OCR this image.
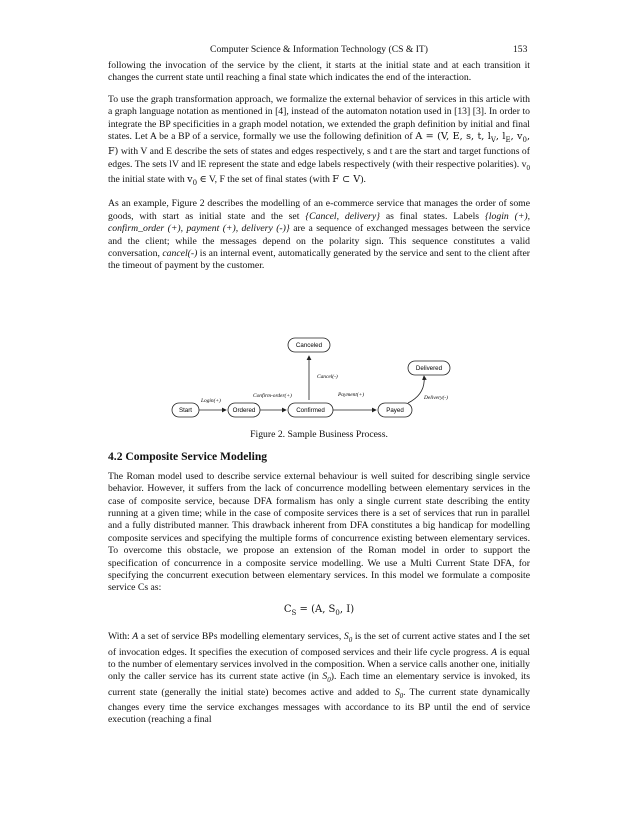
Computer Science & Information Technology (CS & IT)	153

following the invocation of the service by the client, it starts at the initial state and at each transition it changes the current state until reaching a final state which indicates the end of the interaction.

To use the graph transformation approach, we formalize the external behavior of services in this article with a graph language notation as mentioned in [4], instead of the automaton notation used in [13] [3]. In order to integrate the BP specificities in a graph model notation, we extended the graph definition by initial and final states. Let A be a BP of a service, formally we use the following definition of A = (V, E, s, t, $l_V$, $l_E$, $v_0$, F) with V and E describe the sets of states and edges respectively, s and t are the start and target functions of edges. The sets lV and lE represent the state and edge labels respectively (with their respective polarities). $v_0$ the initial state with $v_0$ ∈ V, F the set of final states (with F ⊂ V).

As an example, Figure 2 describes the modelling of an e-commerce service that manages the order of some goods, with start as initial state and the set {Cancel, delivery} as final states. Labels {login (+), confirm_order (+), payment (+), delivery (-)} are a sequence of exchanged messages between the service and the client; while the messages depend on the polarity sign. This sequence constitutes a valid conversation, cancel(-) is an internal event, automatically generated by the service and sent to the client after the timeout of payment by the customer.

Canceled
Delivered
Start	Ordered	Confirmed	Payed
Login(+)
Confirm-order(+)	Payment(+)
Cancel(-)
Delivery(-)
Figure 2. Sample Business Process.
4.2 Composite Service Modeling

The Roman model used to describe service external behaviour is well suited for describing single service behavior. However, it suffers from the lack of concurrence modelling between elementary services in the case of composite service, because DFA formalism has only a single current state describing the entity running at a given time; while in the case of composite services there is a set of services that run in parallel and a fully distributed manner. This drawback inherent from DFA constitutes a big handicap for modelling composite services and specifying the multiple forms of concurrence existing between elementary services. To overcome this obstacle, we propose an extension of the Roman model in order to support the specification of concurrence in a composite service modelling. We use a Multi Current State DFA, for specifying the concurrent execution between elementary services. In this model we formulate a composite service Cs as:

$C_S = (A$, $S_0$, I)

With: A a set of service BPs modelling elementary services, $S_0$ is the set of current active states and I the set of invocation edges. It specifies the execution of composed services and their life cycle progress. A is equal to the number of elementary services involved in the composition. When a service calls another one, initially only the caller service has its current state active (in $S_0$). Each time an elementary service is invoked, its current state (generally the initial state) becomes active and added to $S_0$. The current state dynamically changes every time the service exchanges messages with accordance to its BP until the end of service execution (reaching a final
